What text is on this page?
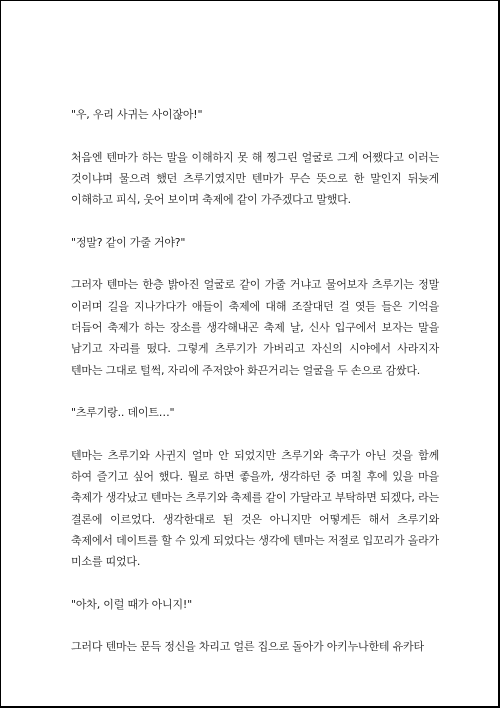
"우, 우리 사귀는 사이잖아!"

처음엔 텐마가 하는 말을 이해하지 못 해 찡그린 얼굴로 그게 어쨌다고 이러는 것이냐며 물으려 했던 츠루기였지만 텐마가 무슨 뜻으로 한 말인지 뒤늦게 이해하고 피식, 웃어 보이며 축제에 같이 가주겠다고 말했다.

"정말? 같이 가줄 거야?"

그러자 텐마는 한층 밝아진 얼굴로 같이 가줄 거냐고 물어보자 츠루기는 정말 이러며 길을 지나가다가 애들이 축제에 대해 조잘대던 걸 엿듣 들은 기억을 더듬어 축제가 하는 장소를 생각해내곤 축제 날, 신사 입구에서 보자는 말을 남기고 자리를 떴다. 그렇게 츠루기가 가버리고 자신의 시야에서 사라지자 텐마는 그대로 털썩, 자리에 주저앉아 화끈거리는 얼굴을 두 손으로 감쌌다.

"츠루기랑.. 데이트…"

텐마는 츠루기와 사귄지 얼마 안 되었지만 츠루기와 축구가 아닌 것을 함께 하여 즐기고 싶어 했다. 뭘로 하면 좋을까, 생각하던 중 며칠 후에 있을 마을 축제가 생각났고 텐마는 츠루기와 축제를 같이 가달라고 부탁하면 되겠다, 라는 결론에 이르었다. 생각한대로 된 것은 아니지만 어떻게든 해서 츠루기와 축제에서 데이트를 할 수 있게 되었다는 생각에 텐마는 저절로 입꼬리가 올라가 미소를 띠었다.

"아차, 이럴 때가 아니지!"

그러다 텐마는 문득 정신을 차리고 얼른 집으로 돌아가 아키누나한테 유카타
